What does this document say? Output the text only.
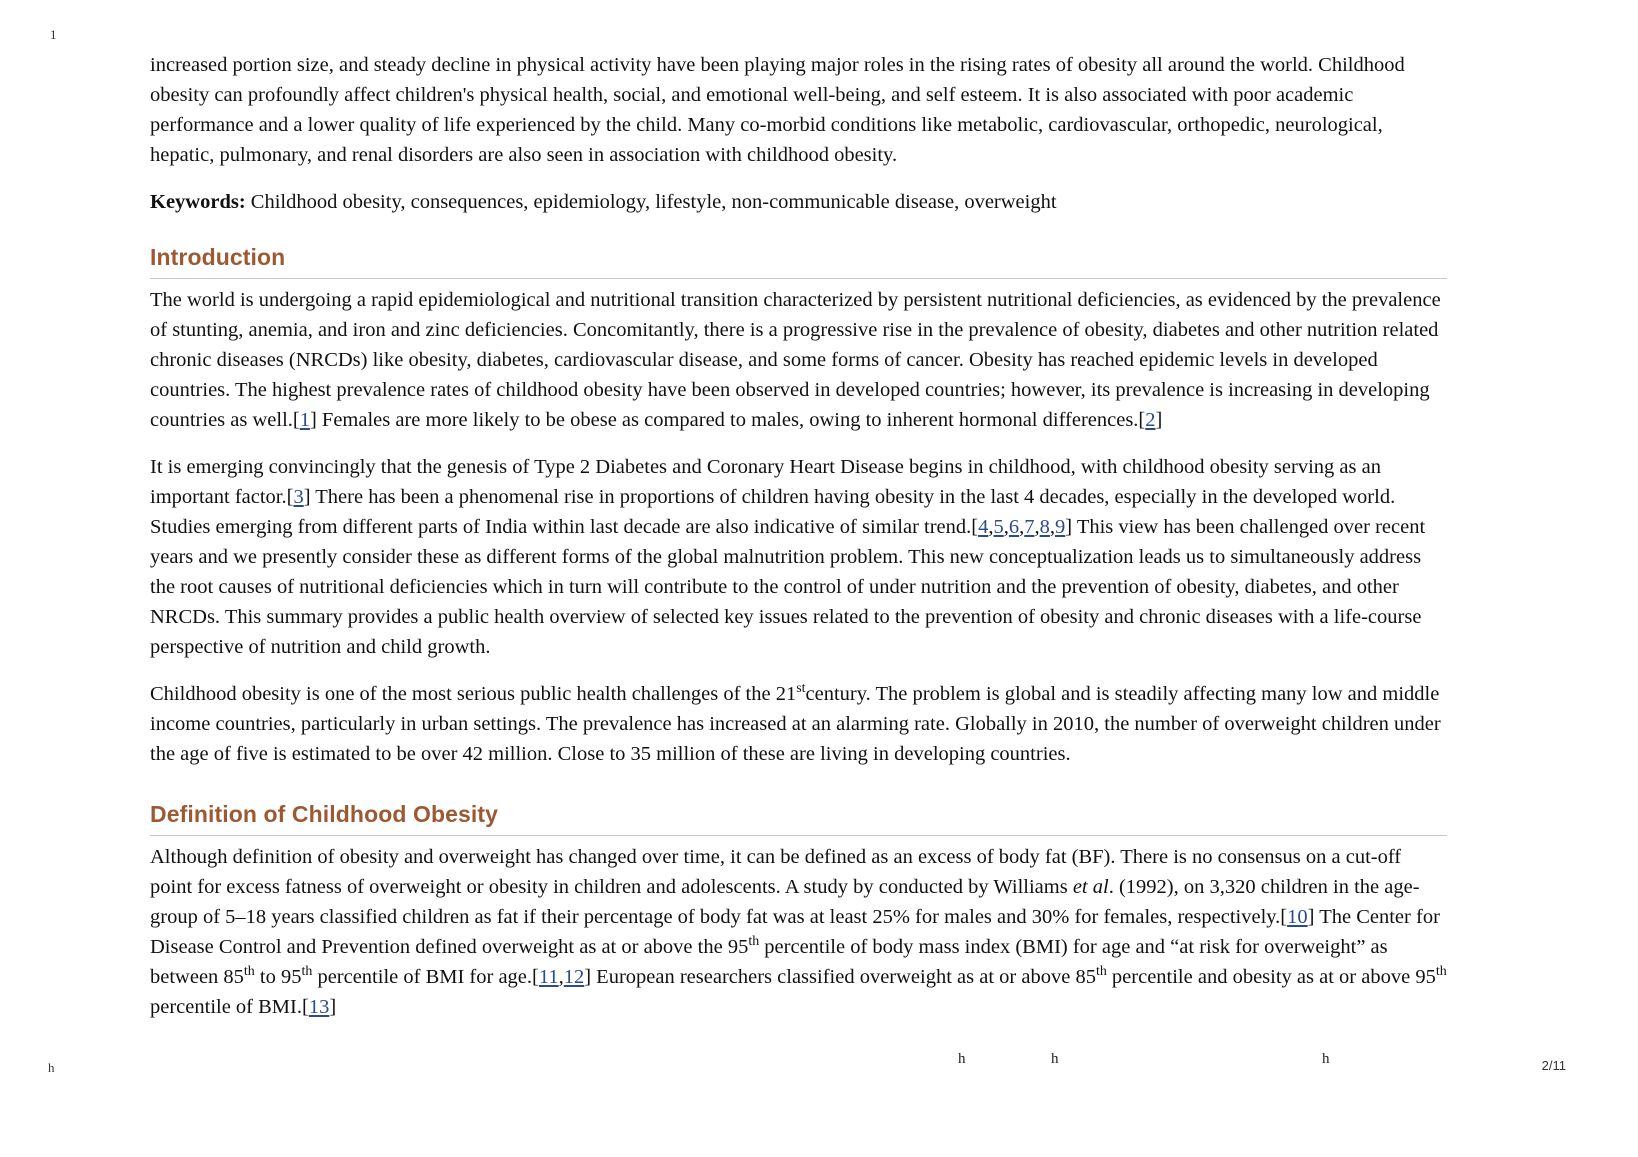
1
h	2/11
h	h	h

increased portion size, and steady decline in physical activity have been playing major roles in the rising rates of obesity all around the world. Childhood obesity can profoundly affect children's physical health, social, and emotional well-being, and self esteem. It is also associated with poor academic performance and a lower quality of life experienced by the child. Many co-morbid conditions like metabolic, cardiovascular, orthopedic, neurological, hepatic, pulmonary, and renal disorders are also seen in association with childhood obesity.

Keywords: Childhood obesity, consequences, epidemiology, lifestyle, non-communicable disease, overweight

Introduction

The world is undergoing a rapid epidemiological and nutritional transition characterized by persistent nutritional deficiencies, as evidenced by the prevalence of stunting, anemia, and iron and zinc deficiencies. Concomitantly, there is a progressive rise in the prevalence of obesity, diabetes and other nutrition related chronic diseases (NRCDs) like obesity, diabetes, cardiovascular disease, and some forms of cancer. Obesity has reached epidemic levels in developed countries. The highest prevalence rates of childhood obesity have been observed in developed countries; however, its prevalence is increasing in developing countries as well.[1] Females are more likely to be obese as compared to males, owing to inherent hormonal differences.[2]

It is emerging convincingly that the genesis of Type 2 Diabetes and Coronary Heart Disease begins in childhood, with childhood obesity serving as an important factor.[3] There has been a phenomenal rise in proportions of children having obesity in the last 4 decades, especially in the developed world. Studies emerging from different parts of India within last decade are also indicative of similar trend.[4,5,6,7,8,9] This view has been challenged over recent years and we presently consider these as different forms of the global malnutrition problem. This new conceptualization leads us to simultaneously address the root causes of nutritional deficiencies which in turn will contribute to the control of under nutrition and the prevention of obesity, diabetes, and other NRCDs. This summary provides a public health overview of selected key issues related to the prevention of obesity and chronic diseases with a life-course perspective of nutrition and child growth.

Childhood obesity is one of the most serious public health challenges of the 21stcentury. The problem is global and is steadily affecting many low and middle income countries, particularly in urban settings. The prevalence has increased at an alarming rate. Globally in 2010, the number of overweight children under the age of five is estimated to be over 42 million. Close to 35 million of these are living in developing countries.

Definition of Childhood Obesity

Although definition of obesity and overweight has changed over time, it can be defined as an excess of body fat (BF). There is no consensus on a cut-off point for excess fatness of overweight or obesity in children and adolescents. A study by conducted by Williams et al. (1992), on 3,320 children in the age-group of 5–18 years classified children as fat if their percentage of body fat was at least 25% for males and 30% for females, respectively.[10] The Center for Disease Control and Prevention defined overweight as at or above the 95th percentile of body mass index (BMI) for age and “at risk for overweight” as between 85th to 95th percentile of BMI for age.[11,12] European researchers classified overweight as at or above 85th percentile and obesity as at or above 95th percentile of BMI.[13]
